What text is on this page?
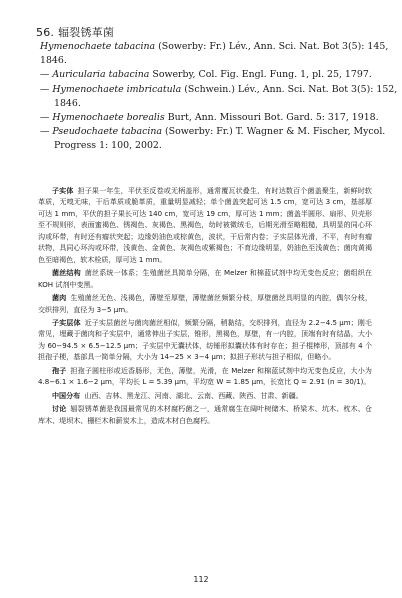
56. 辐裂锈革菌
Hymenochaete tabacina (Sowerby: Fr.) Lév., Ann. Sci. Nat. Bot 3(5): 145,
1846.
— Auricularia tabacina Sowerby, Col. Fig. Engl. Fung. 1, pl. 25, 1797.
— Hymenochaete imbricatula (Schwein.) Lév., Ann. Sci. Nat. Bot 3(5): 152,
1846.
— Hymenochaete borealis Burt, Ann. Missouri Bot. Gard. 5: 317, 1918.
— Pseudochaete tabacina (Sowerby: Fr.) T. Wagner & M. Fischer, Mycol.
Progress 1: 100, 2002.

子实体 担子果一年生，平伏至反卷或无柄盖形，通常覆瓦状叠生，有时达数百个菌盖聚生，新鲜时软革质，无嗅无味，干后革质或脆革质，重量明显减轻；单个菌盖突起可达 1.5 cm，宽可达 3 cm，基部厚可达 1 mm，平伏的担子果长可达 140 cm，宽可达 19 cm，厚可达 1 mm；菌盖半圆形、扇形、贝壳形至不规则形，表面蜜褐色、锈褐色、灰褐色、黑褐色，幼时被微绒毛，后期光滑至略粗糙，具明显的同心环沟或环带，有时还有瘤状突起；边缘奶油色或棕黄色，波状，干后常内卷；子实层体光滑，不平，有时有瘤状物，具同心环沟或环带，浅黄色、金黄色、灰褐色或紫褐色；不育边缘明显，奶油色至浅黄色；菌肉黄褐色至暗褐色，软木栓质，厚可达 1 mm。

菌丝结构 菌丝系统一体系；生殖菌丝具简单分隔，在 Melzer 和棉蓝试剂中均无变色反应；菌组织在 KOH 试剂中变黑。

菌肉 生殖菌丝无色、浅褐色，薄壁至厚壁，薄壁菌丝频繁分枝，厚壁菌丝具明显的内腔，偶尔分枝，交织排列，直径为 3−5 µm。

子实层体 近子实层菌丝与菌肉菌丝相似，频繁分隔，稍黏结，交织排列，直径为 2.2−4.5 µm；刚毛常见，埋藏于菌肉和子实层中，通常伸出子实层，锥形，黑褐色，厚壁，有一内腔，顶端有时有结晶，大小为 60−94.5 × 6.5−12.5 µm；子实层中无囊状体，纺锤形拟囊状体有时存在；担子棍棒形，顶部有 4 个担孢子梗，基部具一简单分隔，大小为 14−25 × 3−4 µm；拟担子形状与担子相似，但略小。

孢子 担孢子圆柱形或近香肠形，无色，薄壁，光滑，在 Melzer 和棉蓝试剂中均无变色反应，大小为 4.8−6.1 × 1.6−2 µm，平均长 L = 5.39 µm，平均宽 W = 1.85 µm，长宽比 Q = 2.91 (n = 30/1)。

中国分布 山西、吉林、黑龙江、河南、湖北、云南、西藏、陕西、甘肃、新疆。

讨论 辐裂锈革菌是我国最常见的木材腐朽菌之一，通常腐生在阔叶树储木、桥梁木、坑木、枕木、仓库木、堤坝木、栅栏木和薪炭木上，造成木材白色腐朽。

112
